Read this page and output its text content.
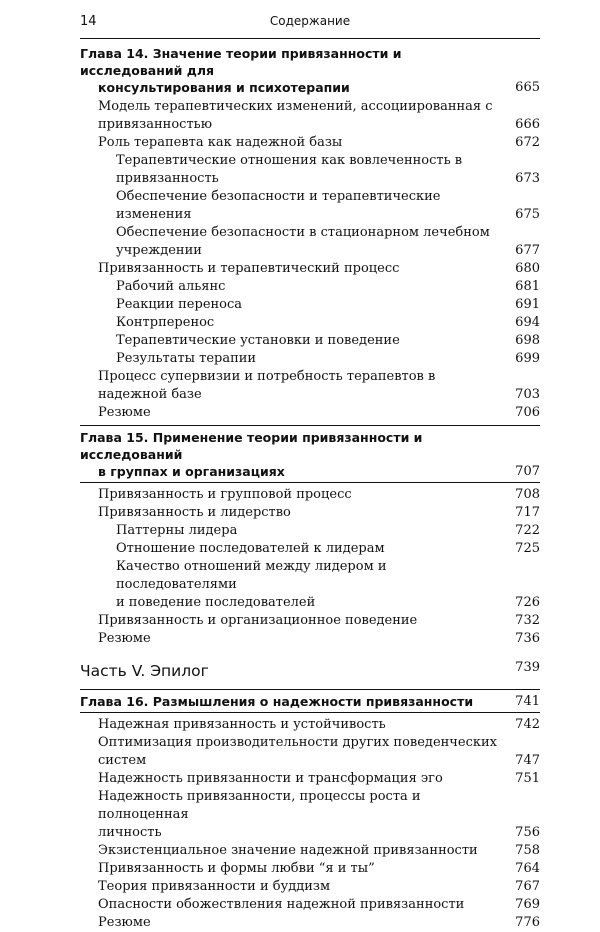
14	Содержание
Глава 14. Значение теории привязанности и исследований для
консультирования и психотерапии	665
Модель терапевтических изменений, ассоциированная с
привязанностью	666
Роль терапевта как надежной базы	672
Терапевтические отношения как вовлеченность в привязанность	673
Обеспечение безопасности и терапевтические изменения	675
Обеспечение безопасности в стационарном лечебном учреждении	677
Привязанность и терапевтический процесс	680
Рабочий альянс	681
Реакции переноса	691
Контрперенос	694
Терапевтические установки и поведение	698
Результаты терапии	699
Процесс супервизии и потребность терапевтов в надежной базе	703
Резюме	706
Глава 15. Применение теории привязанности и исследований
в группах и организациях	707
Привязанность и групповой процесс	708
Привязанность и лидерство	717
Паттерны лидера	722
Отношение последователей к лидерам	725
Качество отношений между лидером и последователями
и поведение последователей	726
Привязанность и организационное поведение	732
Резюме	736
Часть V. Эпилог	739
Глава 16. Размышления о надежности привязанности	741
Надежная привязанность и устойчивость	742
Оптимизация производительности других поведенческих систем	747
Надежность привязанности и трансформация эго	751
Надежность привязанности, процессы роста и полноценная
личность	756
Экзистенциальное значение надежной привязанности	758
Привязанность и формы любви “я и ты”	764
Теория привязанности и буддизм	767
Опасности обожествления надежной привязанности	769
Резюме	776
